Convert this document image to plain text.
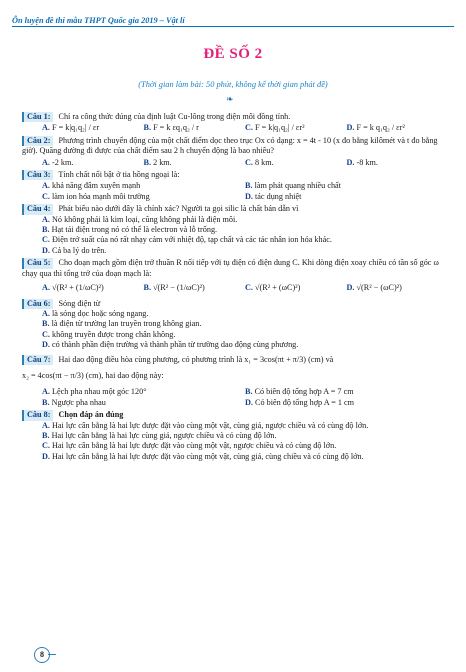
Ôn luyện đề thi mẫu THPT Quốc gia 2019 – Vật lí
ĐỀ SỐ 2
(Thời gian làm bài: 50 phút, không kể thời gian phát đề)
❧

Câu 1: Chỉ ra công thức đúng của định luật Cu-lông trong điện môi đồng tính.

A. F = k|q₁q₂| / εr	B. F = k εq₁q₂ / r	C. F = k|q₁q₂| / εr²	D. F = k q₁q₂ / εr²

Câu 2: Phương trình chuyển động của một chất điểm dọc theo trục Ox có dạng: x = 4t - 10 (x đo bằng kilômét và t đo bằng giờ). Quãng đường đi được của chất điểm sau 2 h chuyển động là bao nhiêu?

A. -2 km.	B. 2 km.	C. 8 km.	D. -8 km.

Câu 3: Tính chất nổi bật ở tia hồng ngoại là:

A. khả năng đâm xuyên mạnh	B. làm phát quang nhiều chất
C. làm ion hóa mạnh môi trường	D. tác dụng nhiệt

Câu 4: Phát biểu nào dưới đây là chính xác? Người ta gọi silic là chất bán dẫn vì

A. Nó không phải là kim loại, cũng không phải là điện môi.
B. Hạt tải điện trong nó có thể là electron và lỗ trống.
C. Điện trở suất của nó rất nhạy cảm với nhiệt độ, tạp chất và các tác nhân ion hóa khác.
D. Cả ba lý do trên.

Câu 5: Cho đoạn mạch gồm điện trở thuần R nối tiếp với tụ điện có điện dung C. Khi dòng điện xoay chiều có tần số góc ω chạy qua thì tổng trở của đoạn mạch là:

A. √(R² + (1/ωC)²)	B. √(R² − (1/ωC)²)	C. √(R² + (ωC)²)	D. √(R² − (ωC)²)

Câu 6: Sóng điện từ

A. là sóng dọc hoặc sóng ngang.
B. là điện từ trường lan truyền trong không gian.
C. không truyền được trong chân không.
D. có thành phần điện trường và thành phần từ trường dao động cùng phương.

Câu 7: Hai dao động điều hòa cùng phương, có phương trình là x₁ = 3cos(πt + π/3) (cm) và

x₂ = 4cos(πt − π/3) (cm), hai dao động này:

A. Lệch pha nhau một góc 120°	B. Có biên độ tổng hợp A = 7 cm
B. Ngược pha nhau	D. Có biên độ tổng hợp A = 1 cm

Câu 8: Chọn đáp án đúng

A. Hai lực cân bằng là hai lực được đặt vào cùng một vật, cùng giá, ngược chiều và có cùng độ lớn.
B. Hai lực cân bằng là hai lực cùng giá, ngược chiều và có cùng độ lớn.
C. Hai lực cân bằng là hai lực được đặt vào cùng một vật, ngược chiều và có cùng độ lớn.
D. Hai lực cân bằng là hai lực được đặt vào cùng một vật, cùng giá, cùng chiều và có cùng độ lớn.
8
